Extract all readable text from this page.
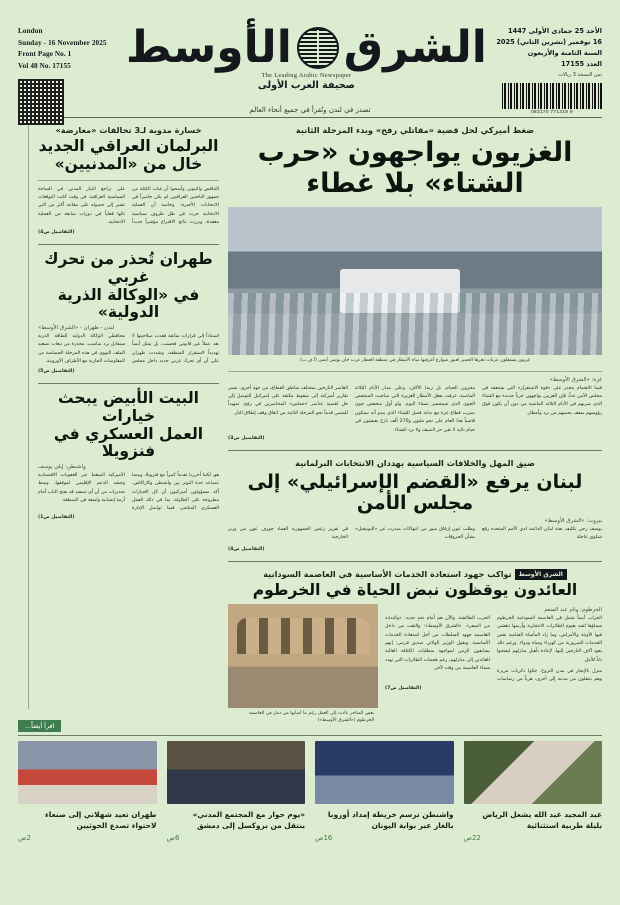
London
Sunday - 16 November 2025
Front Page No. 1
Vol 48 No. 17155	الشرق
الأوسط
The Leading Arabic Newspaper
صحيفة العرب الأولى
الأحد 25 جمادى الأولى 1447
16 نوفمبر (تشرين الثاني) 2025
السنة الثامنة والأربعون
العدد 17155
ثمن النسخة 3 ريالات
9 771319 083170
تصدر في لندن وتُقرأ في جميع أنحاء العالم
ضغط أميركي لحل قضية «مقاتلي رفح» وبدء المرحلة الثانية
الغزيون يواجهون «حرب الشتاء» بلا غطاء
غزيون يستقلون عربات تجرها الحمير لعبور شوارع أغرقتها مياه الأمطار في منطقة العطار غرب خان يونس أمس (أ.ف.ب)
غزة: «الشرق الأوسط»

فيما الاهتمام ينحدر على «قوة الاستقرار» التي ستنعقد في مجلس الأمن غداً، فإن الغزيين يواجهون حرباً جديدة مع الشتاء الذي ضربهم في الأيام الثلاثة الماضية من دون أن يكون فوق رؤوسهم سقف يحميهم من برد وأمطار.

مخزون الخيام، بل ربما الآلاف، وعلى مدار الأيام الثلاثة الماضية، غرقت بفعل الأمطار الغزيرة التي صاحبت المنخفض الجوي الذي سينحسر مساء اليوم. ولو أول منخفض جوي يضرب قطاع غزة مع بداية فصل الشتاء الذي يبدو أنه سيكون قاسياً هذا العام على نحو مليون و270 ألف نازح يعيشون في خيام بالية لا تقي حر الصيف ولا برد الشتاء.

القاصر النازحين بمختلف مناطق القطاع، من جهة أخرى، تسير تقارير أميركية إلى ضغوط مكثفة على إسرائيل للتوصل إلى حل لقضية عناصر «حماس» المحاصرين في رفح، تمهيداً للمضي قدماً نحو المرحلة الثانية من اتفاق وقف إطلاق النار.

(التفاصيل ص3)
ضيق المهل والخلافات السياسية يهددان الانتخابات البرلمانية
لبنان يرفع «القضم الإسرائيلي» إلى مجلس الأمن
بيروت: «الشرق الأوسط»

يوسف رجي تكليف بعثة لبنان الدائمة لدى الأمم المتحدة رفع شكوى عاجلة

وطلب عون إرفاق صور من انتهاكات صدرت عن «اليونيفيل» بشأن الخروقات

في تقرير رئيس الجمهورية العماد جوزف عون من وزير الخارجية

(التفاصيل ص4)
الشرق الأوسط تواكب جهود استعادة الخدمات الأساسية في العاصمة السودانية
العائدون يوقظون نبض الحياة في الخرطوم
الخرطوم: وئام عبد المنعم

الخراب أيضاً شمل في العاصمة السودانية الخرطوم سماؤها تُشد بغيوم الطائرات الانتحارية وأرضها تتغشى فيها الأوبئة والأمراض، وما زاد المأساة القتامية نقص الخدمات الضرورية من كهرباء ومياه ودواء. ورغم ذلك يعود آلاف النازحين إليها، لإعادة تأهيل منازلهم ليفتحوا باباً للأمل.

منزل بالإيجار في مدن النزوح. حكوا ذكريات مريرة وهم يتنقلون من مدينة إلى أخرى، هرباً من رصاصات الحرب الطائشة، والآن هم أمام تحدٍ جديد: «والبداية من الصفر». «الشرق الأوسط»: والتقت من داخل العاصمة جهود السلطات من أجل استعادة الخدمات الأساسية، ويقول الوزير الولائي صديق فريني: إنهم يسابقون الزمن لمواجهة متطلبات الكثافة العالية للعائدين إلى منازلهم، رغم هجمات الطائرات التي تهدد سماء العاصمة من وقت لآخر.

(التفاصيل ص7)
بعض المتاجر عادت إلى العمل رغم ما أصابها من دمار في العاصمة الخرطوم («الشرق الأوسط»)
خسارة مدوية لـ3 تحالفات «معارضة»
البرلمان العراقي الجديد
خال من «المدنيين»

التنافس والتنوير، وأضحوا أن غياب الكتلة من جمهور الناخبين العراقيين لم يكن حاضراً في الانتخابات الأخيرة، وخاصة أن العملية الانتخابية جرت في ظل ظروف سياسية معقدة، وبرزت نتائج الاقتراع مؤشراً جديداً على تراجع التيار المدني في الساحة السياسية العراقية، في وقت كانت التوقعات تشير إلى حصوله على مقاعد أكثر من التي نالها فعلياً في دورات سابقة من العملية الانتخابية.

(التفاصيل ص4)
طهران تُحذر من تحرك غربي
في «الوكالة الذرية الدولية»
لندن - طهران - «الشرق الأوسط»

استناداً إلى قرارات سابقة فقدت صلاحيتها لا يعد عملاً غير قانوني فحسب، بل يمثل أيضاً تهديداً لاستقرار المنطقة، وشددت طهران على أن أي تحرك غربي جديد داخل مجلس محافظي الوكالة الدولية للطاقة الذرية سيقابل برد مناسب، محذرة من تبعات تصعيد الملف النووي في هذه المرحلة الحساسة من المفاوضات الجارية مع الأطراف الأوروبية.

(التفاصيل ص5)
البيت الأبيض يبحث خيارات
العمل العسكري في فنزويلا
واشنطن: إيلي يوسف

هو، لكننا أحرزنا تقدماً كبيراً مع فنزويلا، وبينما تتصاعد حدة التوتر بين واشنطن وكاراكاس، أكد مسؤولون أميركيون أن كل الخيارات مطروحة على الطاولة، بما في ذلك العمل العسكري المباشر، فيما تواصل الإدارة الأميركية الضغط عبر العقوبات الاقتصادية وحشد الدعم الإقليمي لموقفها، وسط تحذيرات من أن أي تصعيد قد يفتح الباب أمام أزمة إنسانية واسعة في المنطقة.

(التفاصيل ص1)
اقرأ أيضاً...
عبد المجيد عبد الله يشعل الرياض
بليلة طربية استثنائية
22ص
واشنطن ترسم خريطة إمداد أوروبا
بالغاز عبر بوابة اليونان
16ص
«يوم حوار مع المجتمع المدني»
ينتقل من بروكسل إلى دمشق
6ص
طهران تعيد شهلاني إلى صنعاء
لاحتواء تصدع الحوثيين
2ص
